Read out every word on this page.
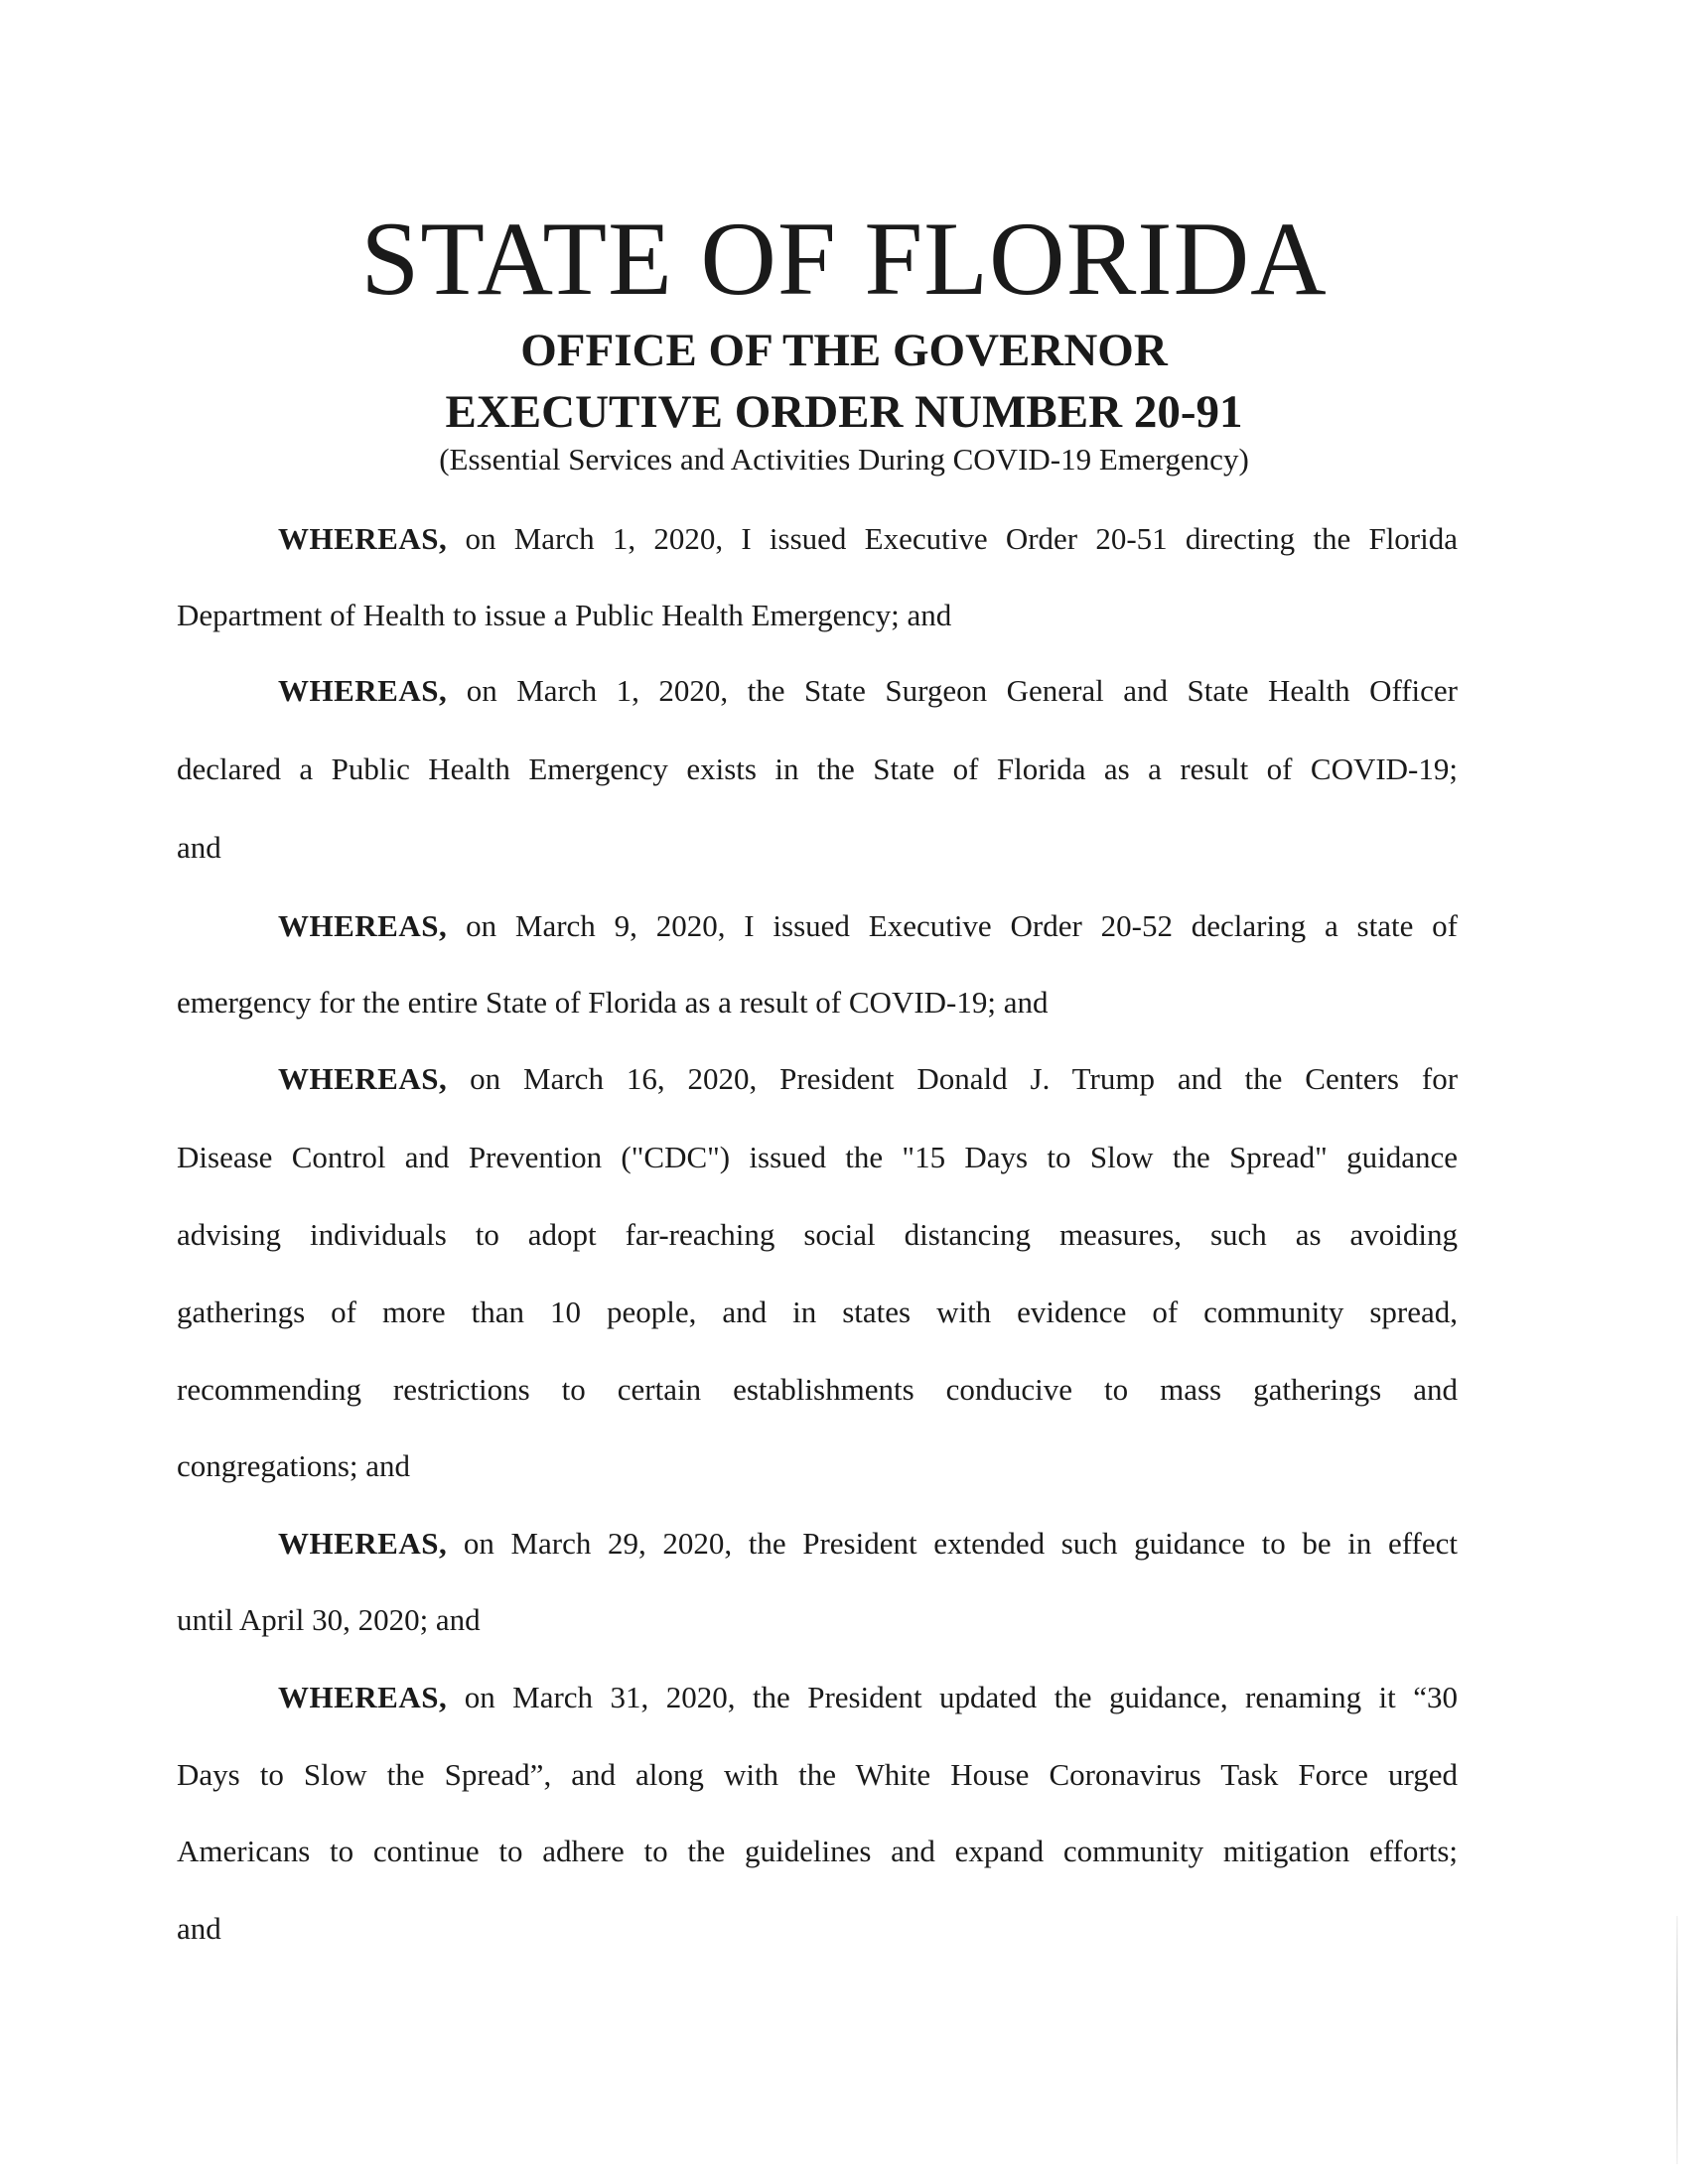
STATE OF FLORIDA
OFFICE OF THE GOVERNOR
EXECUTIVE ORDER NUMBER 20-91
(Essential Services and Activities During COVID-19 Emergency)
WHEREAS, on March 1, 2020, I issued Executive Order 20-51 directing the Florida
Department of Health to issue a Public Health Emergency; and
WHEREAS, on March 1, 2020, the State Surgeon General and State Health Officer
declared a Public Health Emergency exists in the State of Florida as a result of COVID-19;
and
WHEREAS, on March 9, 2020, I issued Executive Order 20-52 declaring a state of
emergency for the entire State of Florida as a result of COVID-19; and
WHEREAS, on March 16, 2020, President Donald J. Trump and the Centers for
Disease Control and Prevention ("CDC") issued the "15 Days to Slow the Spread" guidance
advising individuals to adopt far-reaching social distancing measures, such as avoiding
gatherings of more than 10 people, and in states with evidence of community spread,
recommending restrictions to certain establishments conducive to mass gatherings and
congregations; and
WHEREAS, on March 29, 2020, the President extended such guidance to be in effect
until April 30, 2020; and
WHEREAS, on March 31, 2020, the President updated the guidance, renaming it “30
Days to Slow the Spread”, and along with the White House Coronavirus Task Force urged
Americans to continue to adhere to the guidelines and expand community mitigation efforts;
and
